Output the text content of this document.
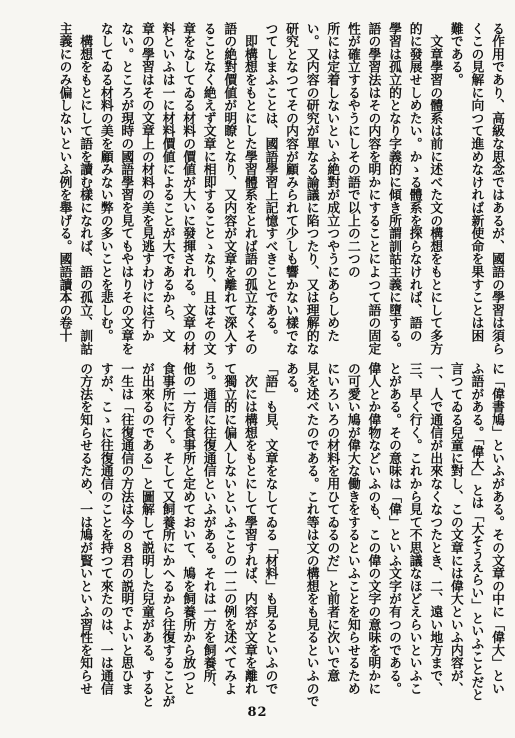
る作用であり、高級な思念ではあるが、國語の學習は須ら

くこの見解に向つて進めなければ新使命を果すことは困

難である。

　文章學習の體系は前に述べた文の構想をもとにして多方

的に發展せしめたい。かゝる體系を探らなければ、語の

學習は孤立的となり字義的に傾き所謂訓詁主義に墮する。

語の學習法はその内容を明かにすることによつて語の固定

性が確立するやうにしその語で以上の二つの

所には定着しないといふ絶對が成立つやうにあらしめた

い。又内容の研究が單なる論議に陷つたり、又は理解的な

研究となつてその内容が顧みられて少しも響かない樣でな

つてしまふことは、國語學習上記憶すべきことである。

　即構想をもとにした學習體系をとれば語の孤立なくその

語の絶對價値が明瞭となり、又内容が文章を離れて深入す

ることなく絶えず文章に相即することゝなり、且はその文

章をなしてゐる材料の價値が大いに發揮される。文章の材

料といふは一に材料價値によることが大であるから、文

章の學習はその文章上の材料の美を見逃すわけには行か

ない。ところが現時の國語學習を見てもやはりその文章を

なしてゐる材料の美を顧みない弊の多いことを悲しむ。

　構想をもとにして語を讀む樣になれば、語の孤立、訓詁

主義にのみ偏しないといふ例を舉げる。國語讀本の卷十

に「偉書鳩」といふがある。その文章の中に「偉大」とい

ふ語がある。「偉大」とは「大そうえらい」といふことだと

言つてゐる兒童に對し、この文章には偉大といふ内容が、

一、人で通信が出來なくなつたとき、二、遠い地方まで、

三、早く行く。これから見て不思議なほどえらいといふこ

とがある。その意味は「偉」といふ文字が有つのである。

偉人とか偉物などいふのも、この偉の文字の意味を明かに

の可愛い鳩が偉大な働きをするといふことを知らせるため

にいろいろの材料を用ひてゐるのだ」と前者に次いで意

見を述べたのである。これ等は文の構想をも見るといふので

ある。

「語」も見、文章をなしてゐる「材料」も見るといふので

　次には構想をもとにして學習すれば、内容が文章を離れ

て獨立的に偏入しないといふことの一二の例を述べてみよ

う。通信に往復通信といふがある。それは一方を飼養所、

他の一方を食事所と定めておいて、鳩を飼養所から放つと

食事所に行く。そして又飼養所にかへるから往復することが

が出來るのである」と圖解して説明した兒童がある。すると

一生は「往復通信の方法は今の８君の説明でよいと思ひま

すが、こゝに往復通信のことを持つて來たのは、一は通信

の方法を知らせるため、一は鳩が賢いといふ習性を知らせ

82
